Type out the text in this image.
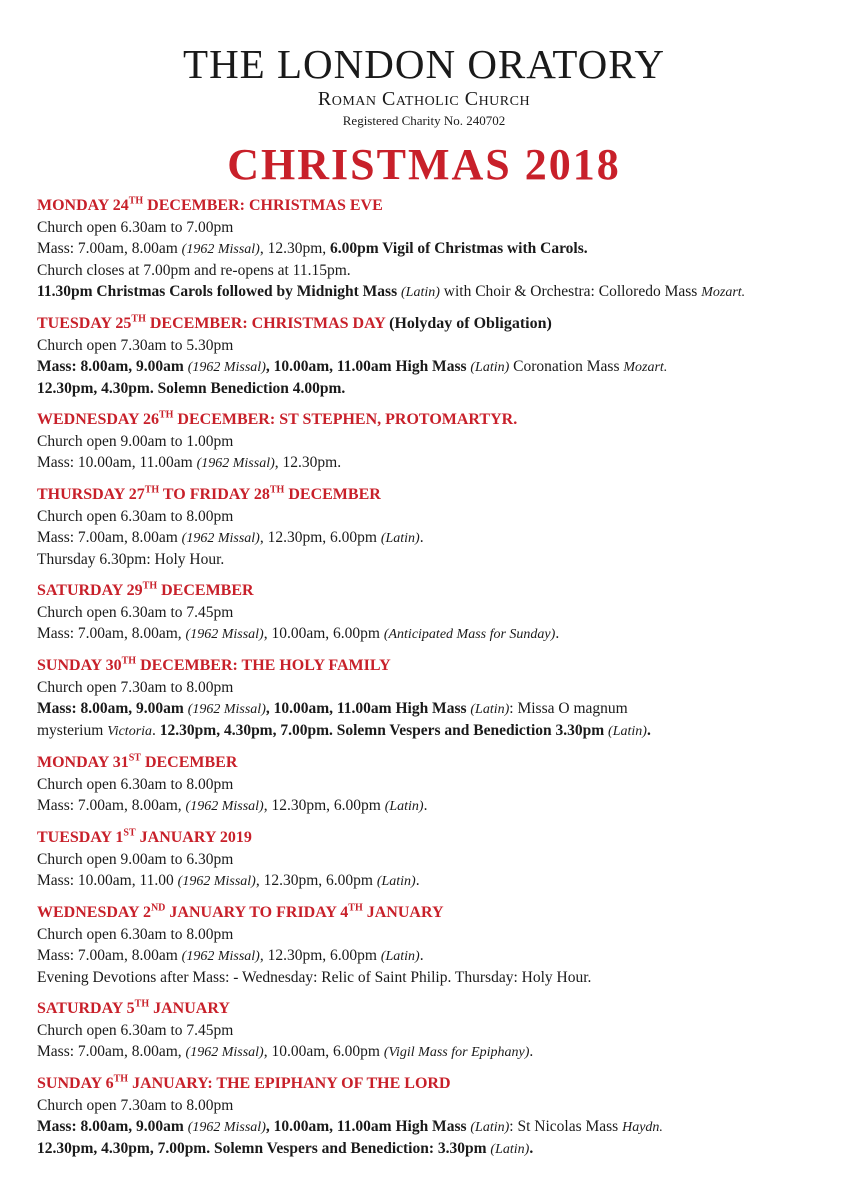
THE LONDON ORATORY
Roman Catholic Church
Registered Charity No. 240702
CHRISTMAS 2018
MONDAY 24TH DECEMBER: CHRISTMAS EVE
Church open 6.30am to 7.00pm
Mass: 7.00am, 8.00am (1962 Missal), 12.30pm, 6.00pm Vigil of Christmas with Carols.
Church closes at 7.00pm and re-opens at 11.15pm.
11.30pm Christmas Carols followed by Midnight Mass (Latin) with Choir & Orchestra: Colloredo Mass Mozart.
TUESDAY 25TH DECEMBER: CHRISTMAS DAY (Holyday of Obligation)
Church open 7.30am to 5.30pm
Mass: 8.00am, 9.00am (1962 Missal), 10.00am, 11.00am High Mass (Latin) Coronation Mass Mozart.
12.30pm, 4.30pm. Solemn Benediction 4.00pm.
WEDNESDAY 26TH DECEMBER: ST STEPHEN, PROTOMARTYR.
Church open 9.00am to 1.00pm
Mass: 10.00am, 11.00am (1962 Missal), 12.30pm.
THURSDAY 27TH TO FRIDAY 28TH DECEMBER
Church open 6.30am to 8.00pm
Mass: 7.00am, 8.00am (1962 Missal), 12.30pm, 6.00pm (Latin).
Thursday 6.30pm: Holy Hour.
SATURDAY 29TH DECEMBER
Church open 6.30am to 7.45pm
Mass: 7.00am, 8.00am, (1962 Missal), 10.00am, 6.00pm (Anticipated Mass for Sunday).
SUNDAY 30TH DECEMBER: THE HOLY FAMILY
Church open 7.30am to 8.00pm
Mass: 8.00am, 9.00am (1962 Missal), 10.00am, 11.00am High Mass (Latin): Missa O magnum
mysterium Victoria. 12.30pm, 4.30pm, 7.00pm. Solemn Vespers and Benediction 3.30pm (Latin).
MONDAY 31ST DECEMBER
Church open 6.30am to 8.00pm
Mass: 7.00am, 8.00am, (1962 Missal), 12.30pm, 6.00pm (Latin).
TUESDAY 1ST JANUARY 2019
Church open 9.00am to 6.30pm
Mass: 10.00am, 11.00 (1962 Missal), 12.30pm, 6.00pm (Latin).
WEDNESDAY 2ND JANUARY TO FRIDAY 4TH JANUARY
Church open 6.30am to 8.00pm
Mass: 7.00am, 8.00am (1962 Missal), 12.30pm, 6.00pm (Latin).
Evening Devotions after Mass: - Wednesday: Relic of Saint Philip. Thursday: Holy Hour.
SATURDAY 5TH JANUARY
Church open 6.30am to 7.45pm
Mass: 7.00am, 8.00am, (1962 Missal), 10.00am, 6.00pm (Vigil Mass for Epiphany).
SUNDAY 6TH JANUARY: THE EPIPHANY OF THE LORD
Church open 7.30am to 8.00pm
Mass: 8.00am, 9.00am (1962 Missal), 10.00am, 11.00am High Mass (Latin): St Nicolas Mass Haydn.
12.30pm, 4.30pm, 7.00pm. Solemn Vespers and Benediction: 3.30pm (Latin).
